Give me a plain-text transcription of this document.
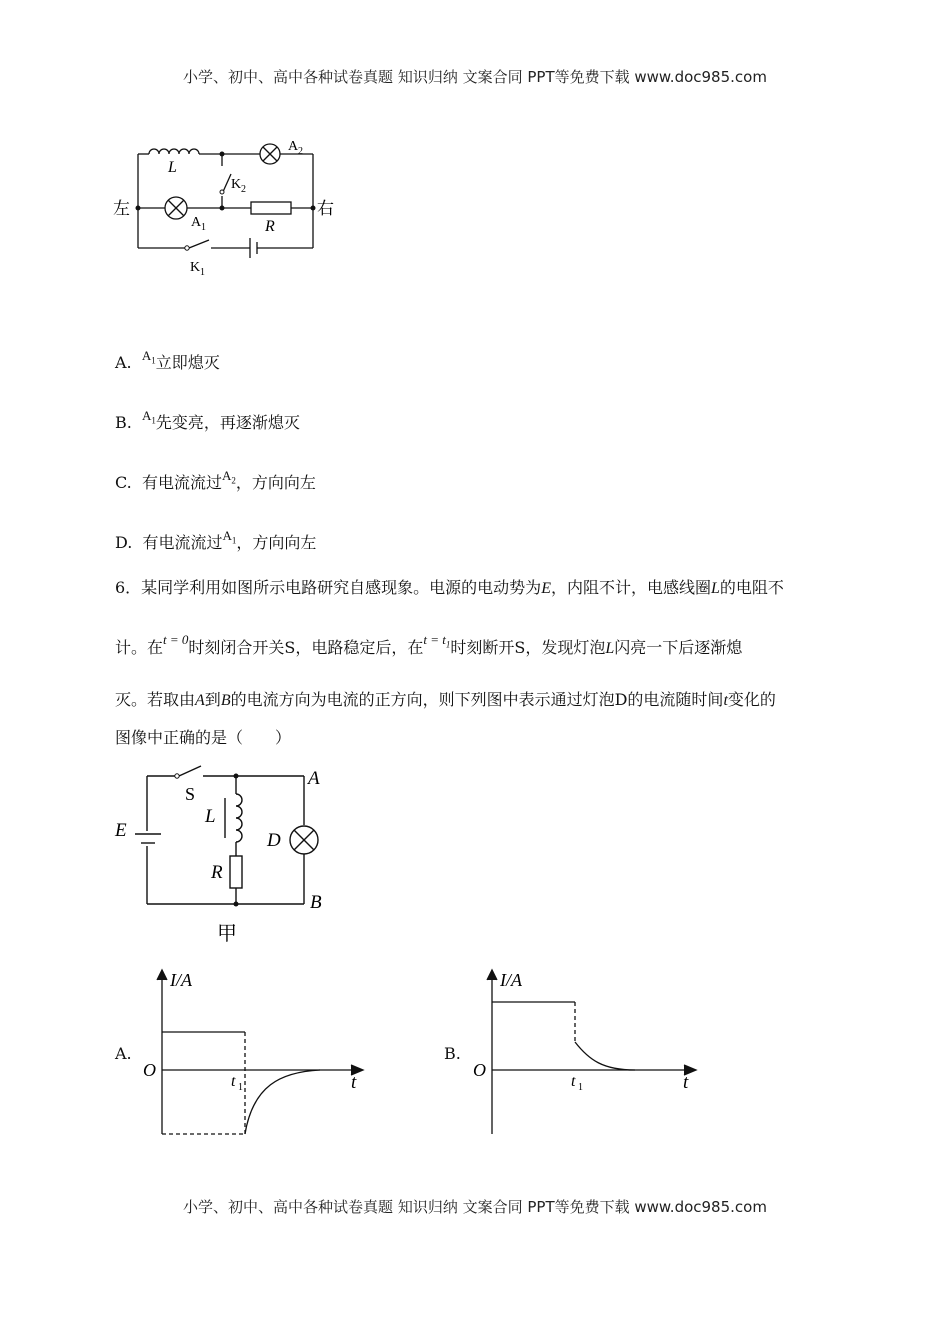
小学、初中、高中各种试卷真题 知识归纳 文案合同 PPT等免费下载 www.doc985.com
左	右
L
A 2
A 1
K 2
R
K 1
A. $^{A_1}$立即熄灭
B. $^{A_1}$先变亮，再逐渐熄灭
C. 有电流流过$^{A_2}$，方向向左
D. 有电流流过$^{A_1}$，方向向左
6．某同学利用如图所示电路研究自感现象。电源的电动势为E，内阻不计，电感线圈L的电阻不
计。在$^{t = 0}$时刻闭合开关S，电路稳定后，在$^{t = t_1}$时刻断开S，发现灯泡L闪亮一下后逐渐熄
灭。若取由A到B的电流方向为电流的正方向，则下列图中表示通过灯泡D的电流随时间t变化的
图像中正确的是（　　）
S
L
E
R
D
A
B
甲
A.
I/A
O
t
t 1
B.
I/A
O
t
t 1
小学、初中、高中各种试卷真题 知识归纳 文案合同 PPT等免费下载 www.doc985.com
